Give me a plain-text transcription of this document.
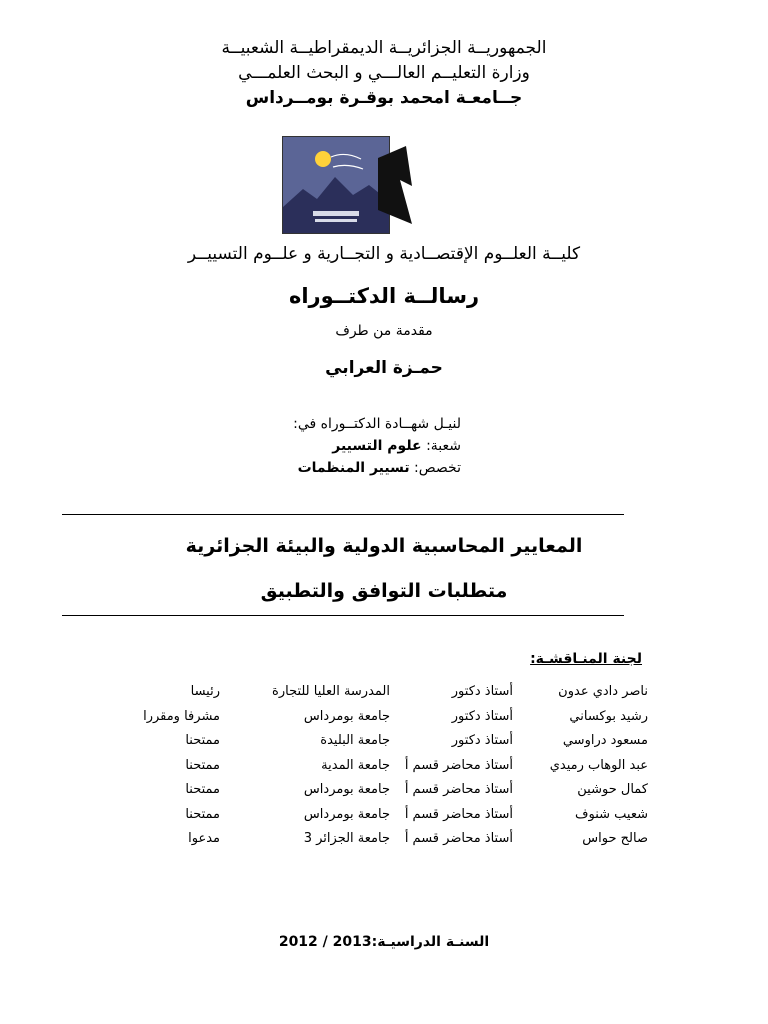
الجمهوريــة الجزائريــة الديمقراطيــة الشعبيــة
وزارة التعليــم العالـــي و البحث العلمـــي
جــامعـة امحمد بوقـرة بومــرداس
كليــة العلــوم الإقتصــادية و التجــارية و علــوم التسييــر
رسالــة الدكتــوراه
مقدمة من طرف
حمـزة العرابي
لنيـل شهــادة الدكتــوراه في:
شعبة: علوم التسيير
تخصص: تسيير المنظمات
المعايير المحاسبية الدولية والبيئة الجزائرية
متطلبات التوافق والتطبيق
لجنة المنـاقشـة:
ناصر دادي عدون
أستاذ دكتور
المدرسة العليا للتجارة
رئيسا
رشيد بوكساني
أستاذ دكتور
جامعة بومرداس
مشرفا ومقررا
مسعود دراوسي
أستاذ دكتور
جامعة البليدة
ممتحنا
عبد الوهاب رميدي
أستاذ محاضر قسم أ
جامعة المدية
ممتحنا
كمال حوشين
أستاذ محاضر قسم أ
جامعة بومرداس
ممتحنا
شعيب شنوف
أستاذ محاضر قسم أ
جامعة بومرداس
ممتحنا
صالح حواس
أستاذ محاضر قسم أ
جامعة الجزائر 3
مدعوا
السنـة الدراسيـة:2012 / 2013
